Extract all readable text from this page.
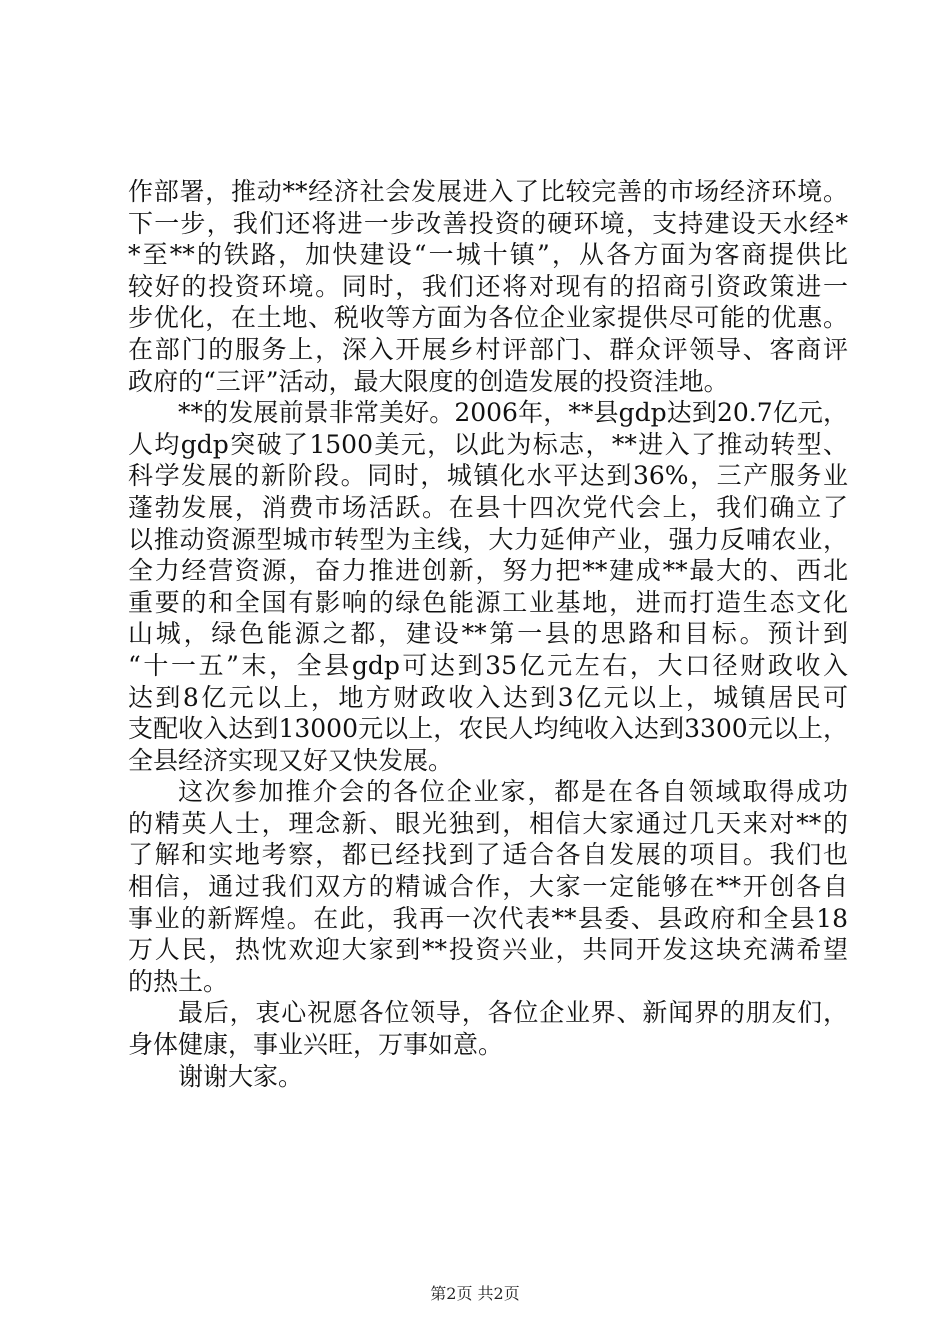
作部署，推动**经济社会发展进入了比较完善的市场经济环境。
下一步，我们还将进一步改善投资的硬环境，支持建设天水经*
*至**的铁路，加快建设“一城十镇”，从各方面为客商提供比
较好的投资环境。同时，我们还将对现有的招商引资政策进一
步优化，在土地、税收等方面为各位企业家提供尽可能的优惠。
在部门的服务上，深入开展乡村评部门、群众评领导、客商评
政府的“三评”活动，最大限度的创造发展的投资洼地。
**的发展前景非常美好。2006年，**县gdp达到20.7亿元，
人均gdp突破了1500美元，以此为标志，**进入了推动转型、
科学发展的新阶段。同时，城镇化水平达到36%，三产服务业
蓬勃发展，消费市场活跃。在县十四次党代会上，我们确立了
以推动资源型城市转型为主线，大力延伸产业，强力反哺农业，
全力经营资源，奋力推进创新，努力把**建成**最大的、西北
重要的和全国有影响的绿色能源工业基地，进而打造生态文化
山城，绿色能源之都，建设**第一县的思路和目标。预计到
“十一五”末，全县gdp可达到35亿元左右，大口径财政收入
达到8亿元以上，地方财政收入达到3亿元以上，城镇居民可
支配收入达到13000元以上，农民人均纯收入达到3300元以上，
全县经济实现又好又快发展。
这次参加推介会的各位企业家，都是在各自领域取得成功
的精英人士，理念新、眼光独到，相信大家通过几天来对**的
了解和实地考察，都已经找到了适合各自发展的项目。我们也
相信，通过我们双方的精诚合作，大家一定能够在**开创各自
事业的新辉煌。在此，我再一次代表**县委、县政府和全县18
万人民，热忱欢迎大家到**投资兴业，共同开发这块充满希望
的热土。
最后，衷心祝愿各位领导，各位企业界、新闻界的朋友们，
身体健康，事业兴旺，万事如意。
谢谢大家。
第2页 共2页
